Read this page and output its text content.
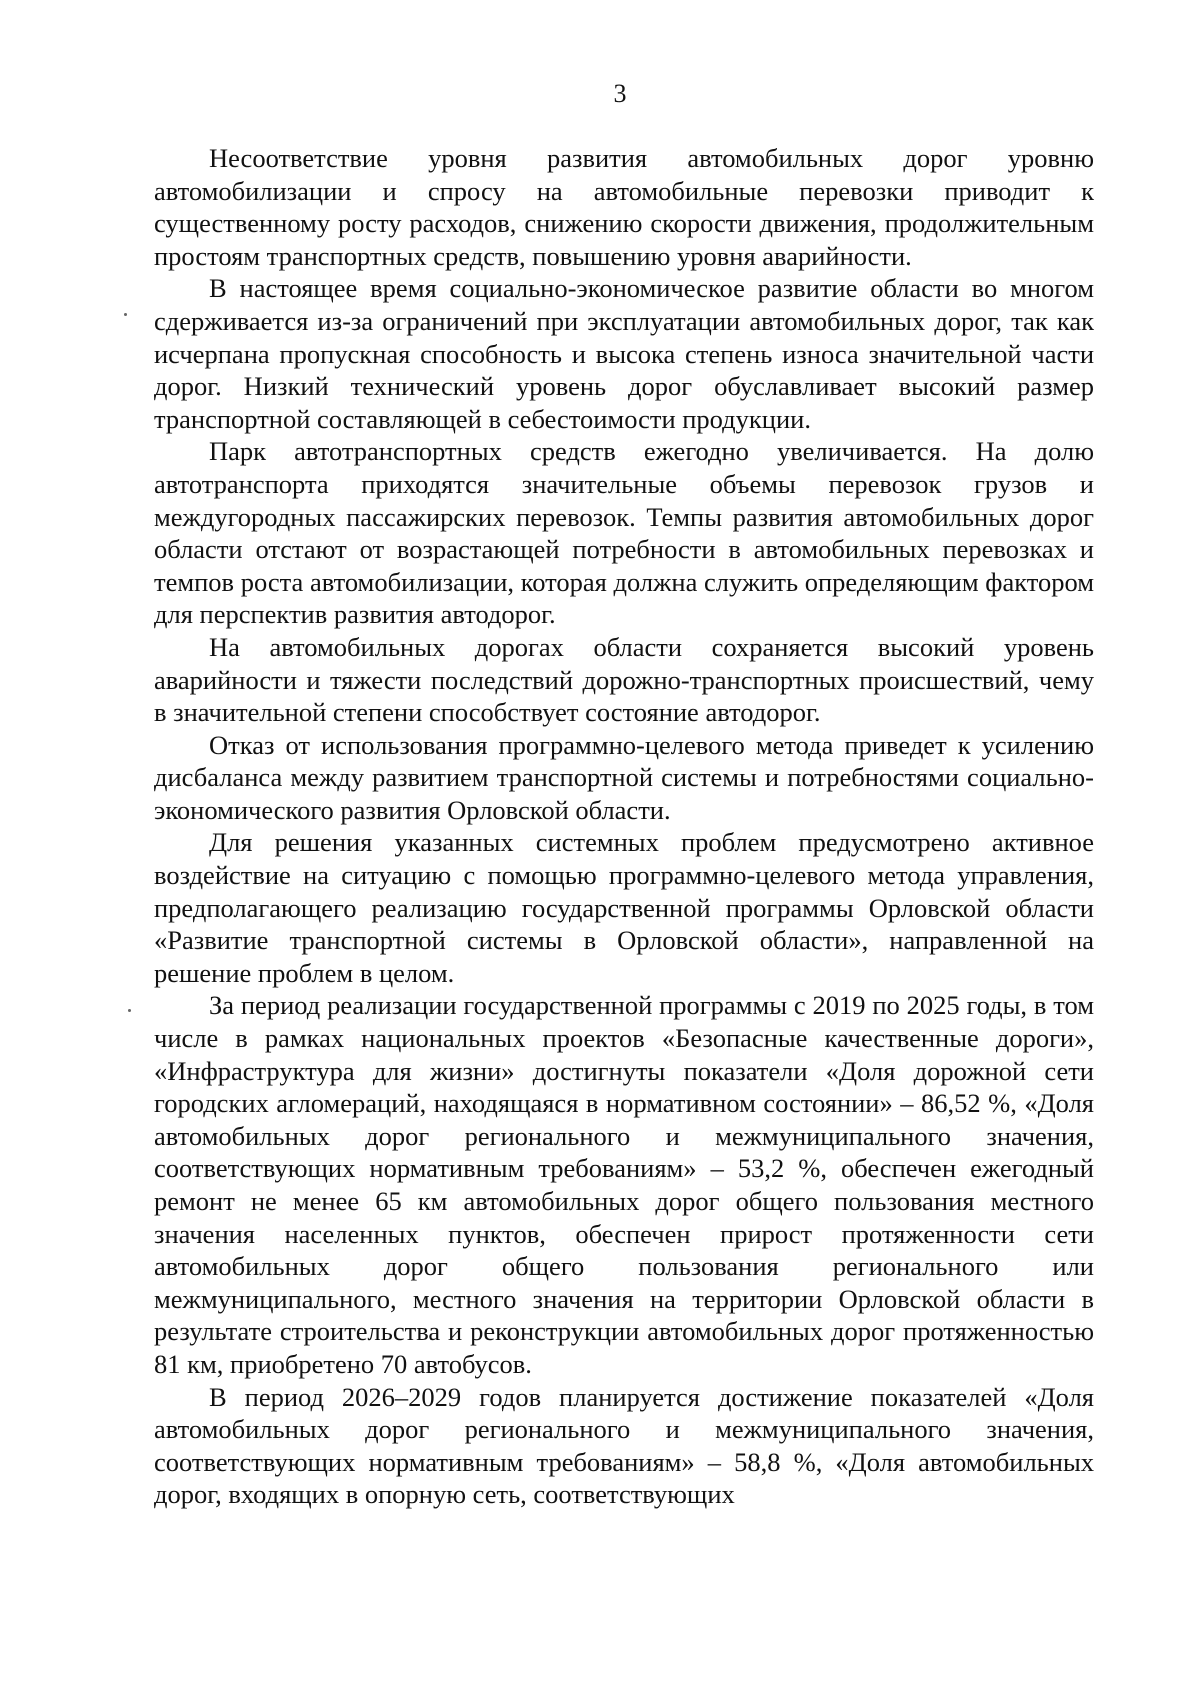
3

Несоответствие уровня развития автомобильных дорог уровню автомобилизации и спросу на автомобильные перевозки приводит к существенному росту расходов, снижению скорости движения, продолжительным простоям транспортных средств, повышению уровня аварийности.

В настоящее время социально-экономическое развитие области во многом сдерживается из-за ограничений при эксплуатации автомобильных дорог, так как исчерпана пропускная способность и высока степень износа значительной части дорог. Низкий технический уровень дорог обуславливает высокий размер транспортной составляющей в себестоимости продукции.

Парк автотранспортных средств ежегодно увеличивается. На долю автотранспорта приходятся значительные объемы перевозок грузов и междугородных пассажирских перевозок. Темпы развития автомобильных дорог области отстают от возрастающей потребности в автомобильных перевозках и темпов роста автомобилизации, которая должна служить определяющим фактором для перспектив развития автодорог.

На автомобильных дорогах области сохраняется высокий уровень аварийности и тяжести последствий дорожно-транспортных происшествий, чему в значительной степени способствует состояние автодорог.

Отказ от использования программно-целевого метода приведет к усилению дисбаланса между развитием транспортной системы и потребностями социально-экономического развития Орловской области.

Для решения указанных системных проблем предусмотрено активное воздействие на ситуацию с помощью программно-целевого метода управления, предполагающего реализацию государственной программы Орловской области «Развитие транспортной системы в Орловской области», направленной на решение проблем в целом.

За период реализации государственной программы с 2019 по 2025 годы, в том числе в рамках национальных проектов «Безопасные качественные дороги», «Инфраструктура для жизни» достигнуты показатели «Доля дорожной сети городских агломераций, находящаяся в нормативном состоянии» – 86,52 %, «Доля автомобильных дорог регионального и межмуниципального значения, соответствующих нормативным требованиям» – 53,2 %, обеспечен ежегодный ремонт не менее 65 км автомобильных дорог общего пользования местного значения населенных пунктов, обеспечен прирост протяженности сети автомобильных дорог общего пользования регионального или межмуниципального, местного значения на территории Орловской области в результате строительства и реконструкции автомобильных дорог протяженностью 81 км, приобретено 70 автобусов.

В период 2026–2029 годов планируется достижение показателей «Доля автомобильных дорог регионального и межмуниципального значения, соответствующих нормативным требованиям» – 58,8 %, «Доля автомобильных дорог, входящих в опорную сеть, соответствующих
